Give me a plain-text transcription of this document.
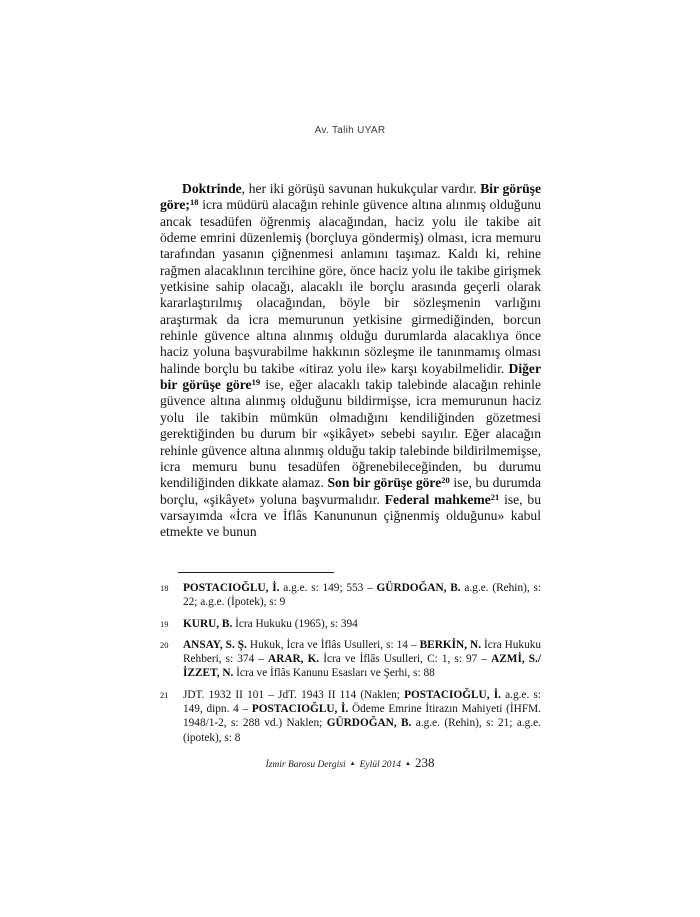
Av. Talih UYAR
Doktrinde, her iki görüşü savunan hukukçular vardır. Bir görüşe göre;$^{18}$ icra müdürü alacağın rehinle güvence altına alınmış olduğunu ancak tesadüfen öğrenmiş alacağından, haciz yolu ile takibe ait ödeme emrini düzenlemiş (borçluya göndermiş) olması, icra memuru tarafından yasanın çiğnenmesi anlamını taşımaz. Kaldı ki, rehine rağmen alacaklının tercihine göre, önce haciz yolu ile takibe girişmek yetkisine sahip olacağı, alacaklı ile borçlu arasında geçerli olarak kararlaştırılmış olacağından, böyle bir sözleşmenin varlığını araştırmak da icra memurunun yetkisine girmediğinden, borcun rehinle güvence altına alınmış olduğu durumlarda alacaklıya önce haciz yoluna başvurabilme hakkının sözleşme ile tanınmamış olması halinde borçlu bu takibe «itiraz yolu ile» karşı koyabilmelidir. Diğer bir görüşe göre$^{19}$ ise, eğer alacaklı takip talebinde alacağın rehinle güvence altına alınmış olduğunu bildirmişse, icra memurunun haciz yolu ile takibin mümkün olmadığını kendiliğinden gözetmesi gerektiğinden bu durum bir «şikâyet» sebebi sayılır. Eğer alacağın rehinle güvence altına alınmış olduğu takip talebinde bildirilmemişse, icra memuru bunu tesadüfen öğrenebileceğinden, bu durumu kendiliğinden dikkate alamaz. Son bir görüşe göre$^{20}$ ise, bu durumda borçlu, «şikâyet» yoluna başvurmalıdır. Federal mahkeme$^{21}$ ise, bu varsayımda «İcra ve İflâs Kanununun çiğnenmiş olduğunu» kabul etmekte ve bunun
18 POSTACIOĞLU, İ. a.g.e. s: 149; 553 – GÜRDOĞAN, B. a.g.e. (Rehin), s: 22; a.g.e. (İpotek), s: 9
19 KURU, B. İcra Hukuku (1965), s: 394
20 ANSAY, S. Ş. Hukuk, İcra ve İflâs Usulleri, s: 14 – BERKİN, N. İcra Hukuku Rehberi, s: 374 – ARAR, K. İcra ve İflâs Usulleri, C: 1, s: 97 – AZMİ, S./İZZET, N. İcra ve İflâs Kanunu Esasları ve Şerhi, s: 88
21 JDT. 1932 II 101 – JdT. 1943 II 114 (Naklen; POSTACIOĞLU, İ. a.g.e. s: 149, dipn. 4 – POSTACIOĞLU, İ. Ödeme Emrine İtirazın Mahiyeti (İHFM. 1948/1-2, s: 288 vd.) Naklen; GÜRDOĞAN, B. a.g.e. (Rehin), s: 21; a.g.e. (ipotek), s: 8
İzmir Barosu Dergisi ▲ Eylül 2014 ▲ 238
